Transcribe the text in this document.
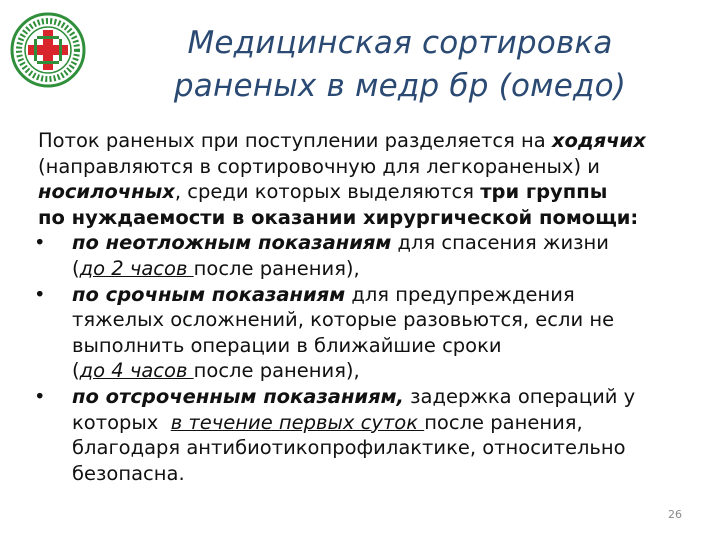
Медицинская сортировка
раненых в медр бр (омедо)
Поток раненых при поступлении разделяется на ходячих
(направляются в сортировочную для легкораненых) и
носилочных, среди которых выделяются три группы
по нуждаемости в оказании хирургической помощи:
•	по неотложным показаниям для спасения жизни
(до 2 часов после ранения),
•	по срочным показаниям для предупреждения
тяжелых осложнений, которые разовьются, если не
выполнить операции в ближайшие сроки
(до 4 часов после ранения),
•	по отсроченным показаниям, задержка операций у
которых  в течение первых суток после ранения,
благодаря антибиотикопрофилактике, относительно
безопасна.
26
